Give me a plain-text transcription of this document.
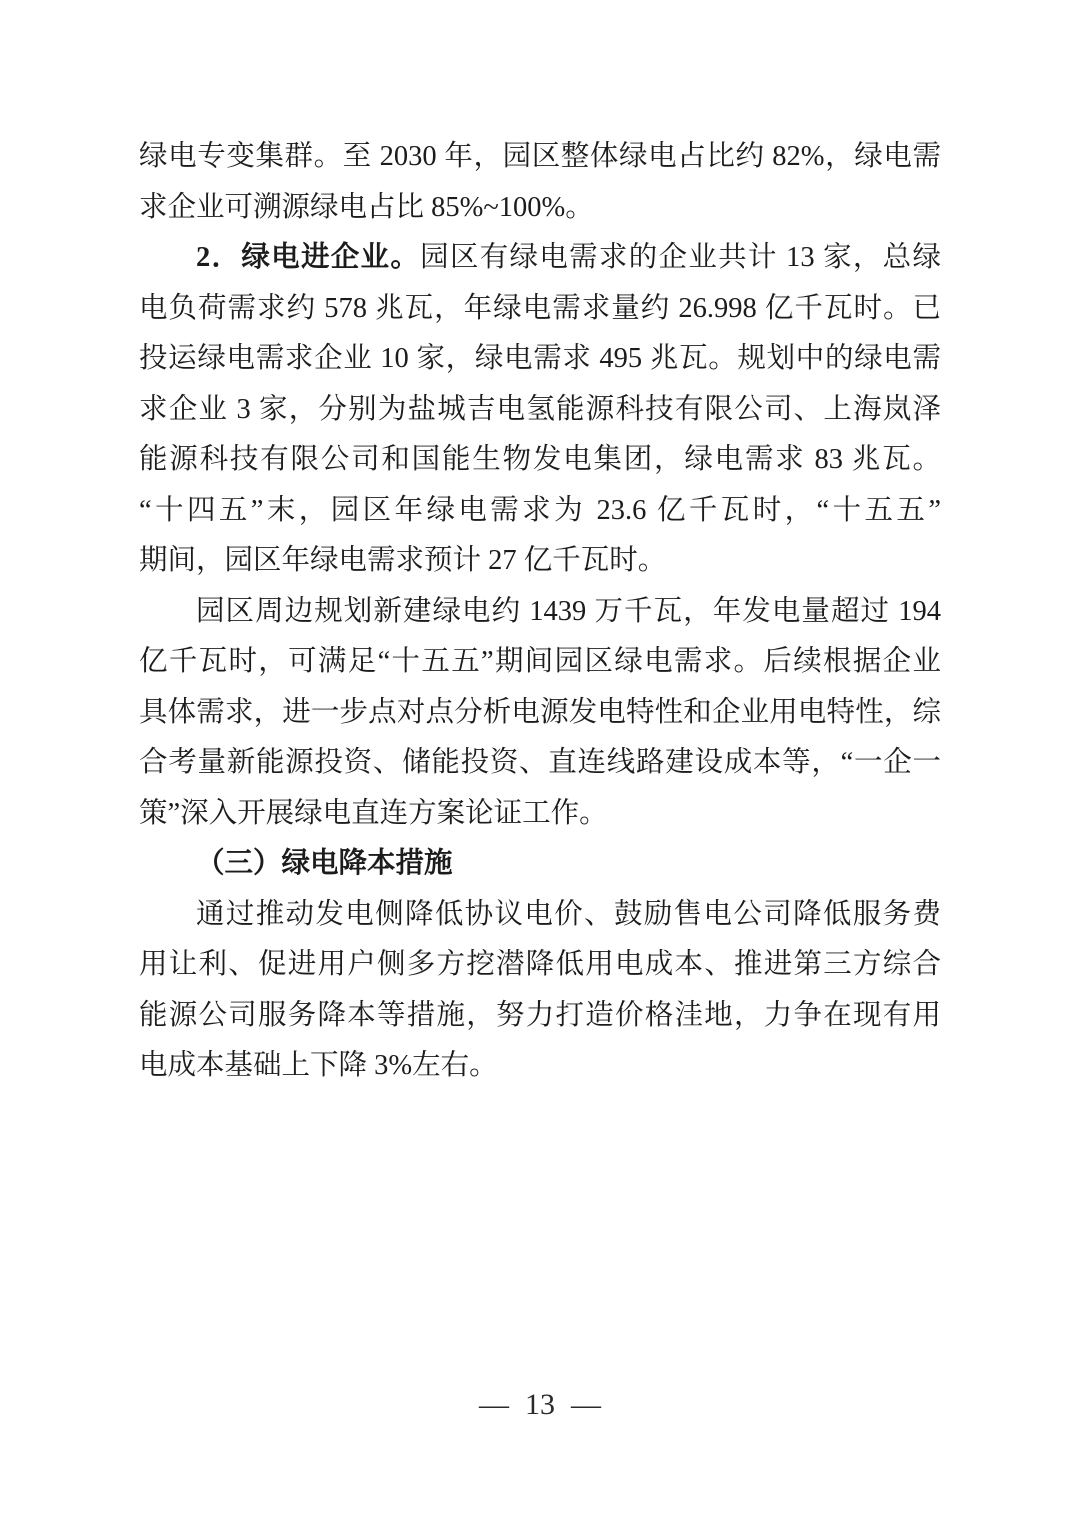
绿电专变集群。至 2030 年，园区整体绿电占比约 82%，绿电需
求企业可溯源绿电占比 85%~100%。
2．绿电进企业。园区有绿电需求的企业共计 13 家，总绿
电负荷需求约 578 兆瓦，年绿电需求量约 26.998 亿千瓦时。已
投运绿电需求企业 10 家，绿电需求 495 兆瓦。规划中的绿电需
求企业 3 家，分别为盐城吉电氢能源科技有限公司、上海岚泽
能源科技有限公司和国能生物发电集团，绿电需求 83 兆瓦。
“十四五”末，园区年绿电需求为 23.6 亿千瓦时，“十五五”
期间，园区年绿电需求预计 27 亿千瓦时。
园区周边规划新建绿电约 1439 万千瓦，年发电量超过 194
亿千瓦时，可满足“十五五”期间园区绿电需求。后续根据企业
具体需求，进一步点对点分析电源发电特性和企业用电特性，综
合考量新能源投资、储能投资、直连线路建设成本等，“一企一
策”深入开展绿电直连方案论证工作。
（三）绿电降本措施
通过推动发电侧降低协议电价、鼓励售电公司降低服务费
用让利、促进用户侧多方挖潜降低用电成本、推进第三方综合
能源公司服务降本等措施，努力打造价格洼地，力争在现有用
电成本基础上下降 3%左右。
— 13 —
